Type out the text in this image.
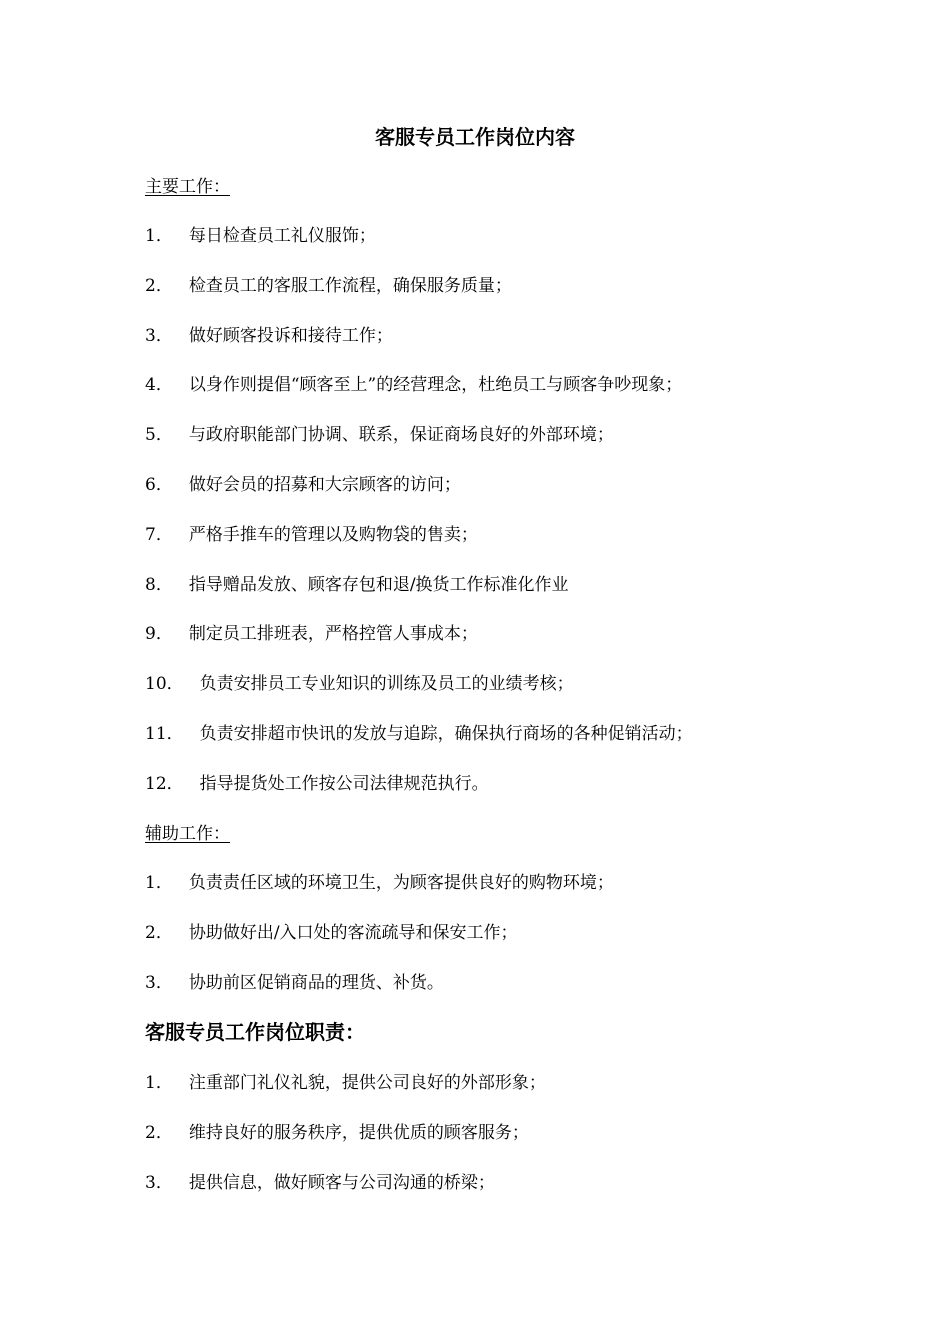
客服专员工作岗位内容

主要工作：

1． 每日检查员工礼仪服饰；
2． 检查员工的客服工作流程，确保服务质量；
3． 做好顾客投诉和接待工作；
4． 以身作则提倡“顾客至上”的经营理念，杜绝员工与顾客争吵现象；
5． 与政府职能部门协调、联系，保证商场良好的外部环境；
6． 做好会员的招募和大宗顾客的访问；
7． 严格手推车的管理以及购物袋的售卖；
8． 指导赠品发放、顾客存包和退/换货工作标准化作业
9． 制定员工排班表，严格控管人事成本；
10． 负责安排员工专业知识的训练及员工的业绩考核；
11． 负责安排超市快讯的发放与追踪，确保执行商场的各种促销活动；
12． 指导提货处工作按公司法律规范执行。

辅助工作：

1． 负责责任区域的环境卫生，为顾客提供良好的购物环境；
2． 协助做好出/入口处的客流疏导和保安工作；
3． 协助前区促销商品的理货、补货。
客服专员工作岗位职责：
1． 注重部门礼仪礼貌，提供公司良好的外部形象；
2． 维持良好的服务秩序，提供优质的顾客服务；
3． 提供信息，做好顾客与公司沟通的桥梁；
